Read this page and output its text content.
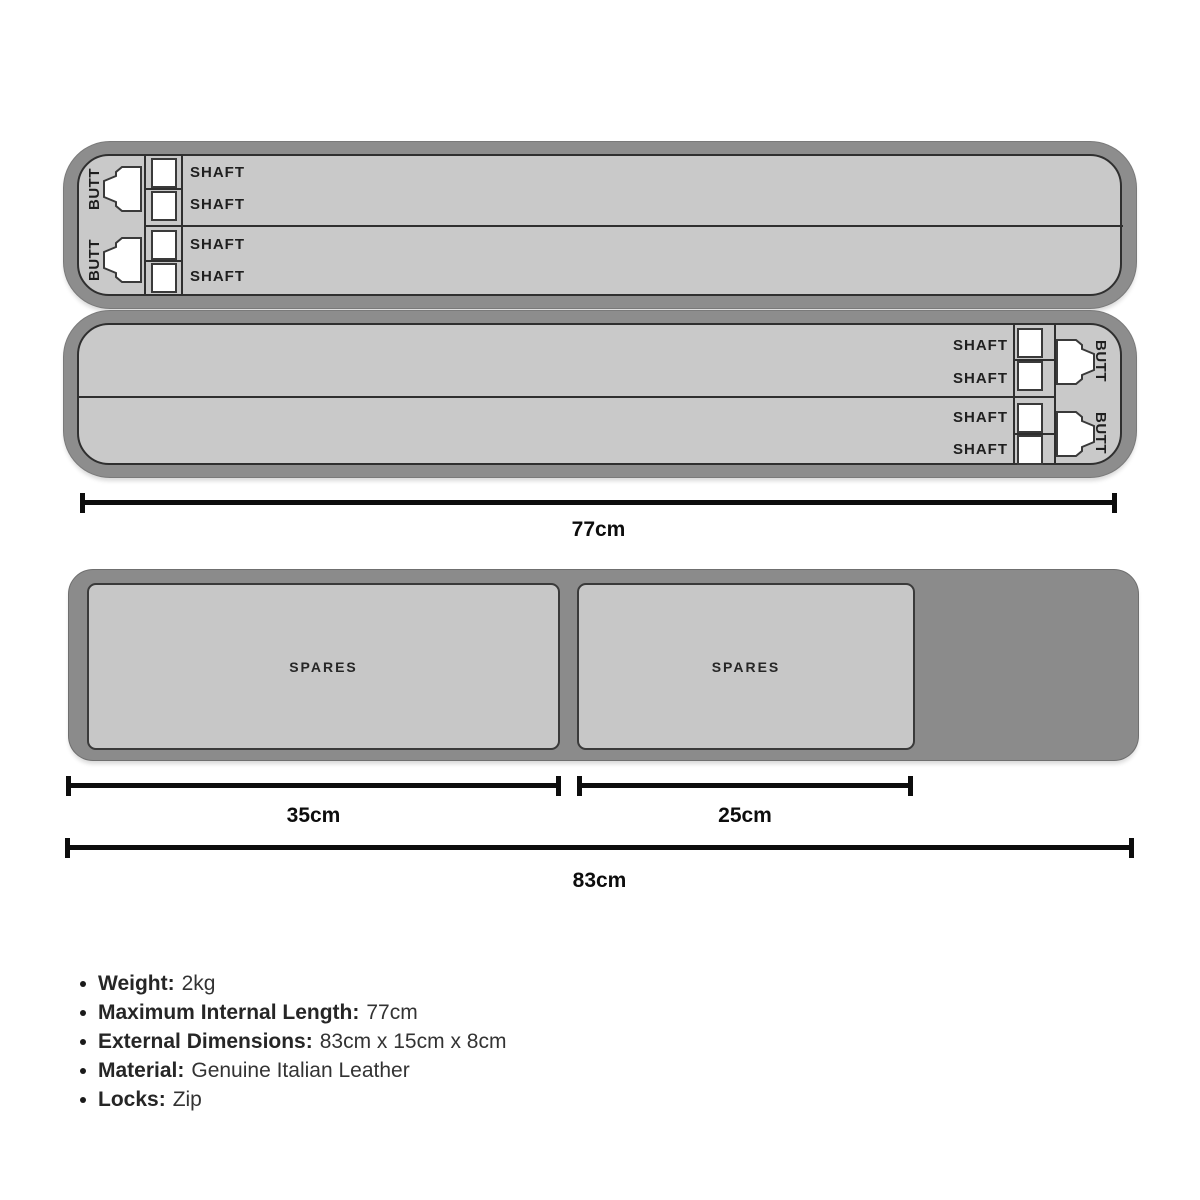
SHAFT
SHAFT
SHAFT
SHAFT
BUTT
BUTT
SHAFT
SHAFT
SHAFT
SHAFT
BUTT
BUTT
77cm
SPARES	SPARES
35cm	25cm
83cm
Weight: 2kg
Maximum Internal Length: 77cm
External Dimensions: 83cm x 15cm x 8cm
Material: Genuine Italian Leather
Locks: Zip
